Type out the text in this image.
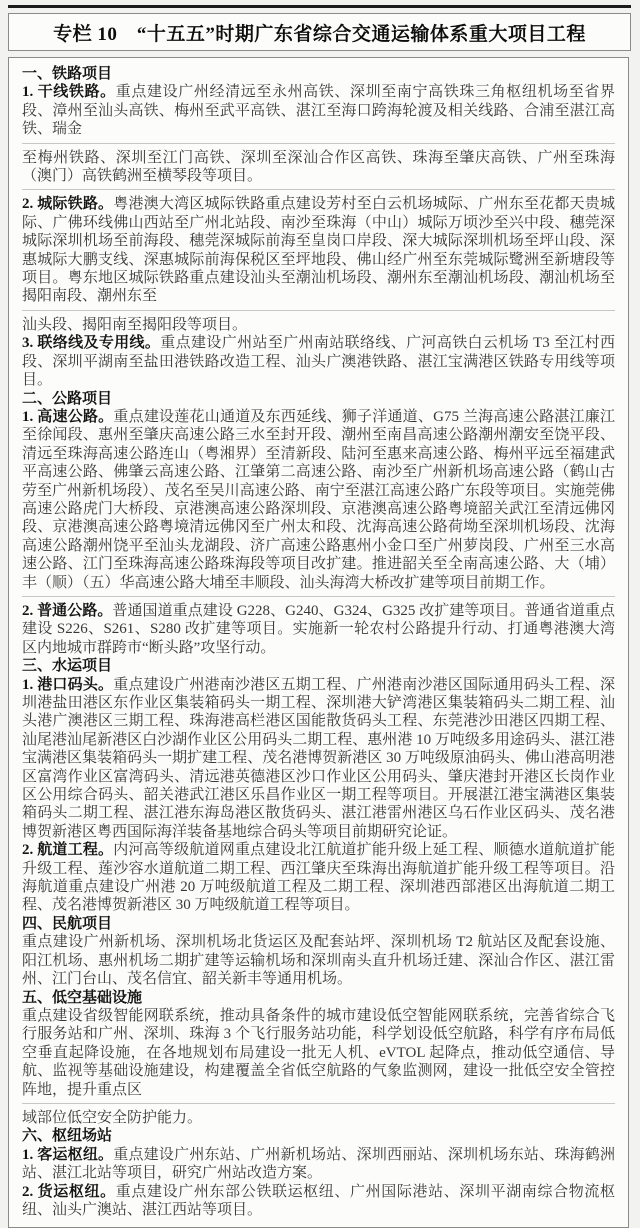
专栏 10　“十五五”时期广东省综合交通运输体系重大项目工程

一、铁路项目

1. 干线铁路。重点建设广州经清远至永州高铁、深圳至南宁高铁珠三角枢纽机场至省界段、漳州至汕头高铁、梅州至武平高铁、湛江至海口跨海轮渡及相关线路、合浦至湛江高铁、瑞金

至梅州铁路、深圳至江门高铁、深圳至深汕合作区高铁、珠海至肇庆高铁、广州至珠海（澳门）高铁鹤洲至横琴段等项目。

2. 城际铁路。粤港澳大湾区城际铁路重点建设芳村至白云机场城际、广州东至花都天贵城际、广佛环线佛山西站至广州北站段、南沙至珠海（中山）城际万顷沙至兴中段、穗莞深城际深圳机场至前海段、穗莞深城际前海至皇岗口岸段、深大城际深圳机场至坪山段、深惠城际大鹏支线、深惠城际前海保税区至坪地段、佛山经广州至东莞城际鹭洲至新塘段等项目。粤东地区城际铁路重点建设汕头至潮汕机场段、潮州东至潮汕机场段、潮汕机场至揭阳南段、潮州东至

汕头段、揭阳南至揭阳段等项目。

3. 联络线及专用线。重点建设广州站至广州南站联络线、广河高铁白云机场 T3 至江村西段、深圳平湖南至盐田港铁路改造工程、汕头广澳港铁路、湛江宝满港区铁路专用线等项目。

二、公路项目

1. 高速公路。重点建设莲花山通道及东西延线、狮子洋通道、G75 兰海高速公路湛江廉江至徐闻段、惠州至肇庆高速公路三水至封开段、潮州至南昌高速公路潮州潮安至饶平段、清远至珠海高速公路连山（粤湘界）至清新段、陆河至惠来高速公路、梅州平远至福建武平高速公路、佛肇云高速公路、江肇第二高速公路、南沙至广州新机场高速公路（鹤山古劳至广州新机场段）、茂名至吴川高速公路、南宁至湛江高速公路广东段等项目。实施莞佛高速公路虎门大桥段、京港澳高速公路深圳段、京港澳高速公路粤境韶关武江至清远佛冈段、京港澳高速公路粤境清远佛冈至广州太和段、沈海高速公路荷坳至深圳机场段、沈海高速公路潮州饶平至汕头龙湖段、济广高速公路惠州小金口至广州萝岗段、广州至三水高速公路、江门至珠海高速公路珠海段等项目改扩建。推进韶关至全南高速公路、大（埔）丰（顺）（五）华高速公路大埔至丰顺段、汕头海湾大桥改扩建等项目前期工作。

2. 普通公路。普通国道重点建设 G228、G240、G324、G325 改扩建等项目。普通省道重点建设 S226、S261、S280 改扩建等项目。实施新一轮农村公路提升行动、打通粤港澳大湾区内地城市群跨市“断头路”攻坚行动。

三、水运项目

1. 港口码头。重点建设广州港南沙港区五期工程、广州港南沙港区国际通用码头工程、深圳港盐田港区东作业区集装箱码头一期工程、深圳港大铲湾港区集装箱码头二期工程、汕头港广澳港区三期工程、珠海港高栏港区国能散货码头工程、东莞港沙田港区四期工程、汕尾港汕尾新港区白沙湖作业区公用码头二期工程、惠州港 10 万吨级多用途码头、湛江港宝满港区集装箱码头一期扩建工程、茂名港博贺新港区 30 万吨级原油码头、佛山港高明港区富湾作业区富湾码头、清远港英德港区沙口作业区公用码头、肇庆港封开港区长岗作业区公用综合码头、韶关港武江港区乐昌作业区一期工程等项目。开展湛江港宝满港区集装箱码头二期工程、湛江港东海岛港区散货码头、湛江港雷州港区乌石作业区码头、茂名港博贺新港区粤西国际海洋装备基地综合码头等项目前期研究论证。

2. 航道工程。内河高等级航道网重点建设北江航道扩能升级上延工程、顺德水道航道扩能升级工程、莲沙容水道航道二期工程、西江肇庆至珠海出海航道扩能升级工程等项目。沿海航道重点建设广州港 20 万吨级航道工程及二期工程、深圳港西部港区出海航道二期工程、茂名港博贺新港区 30 万吨级航道工程等项目。

四、民航项目

重点建设广州新机场、深圳机场北货运区及配套站坪、深圳机场 T2 航站区及配套设施、阳江机场、惠州机场二期扩建等运输机场和深圳南头直升机场迁建、深汕合作区、湛江雷州、江门台山、茂名信宜、韶关新丰等通用机场。

五、低空基础设施

重点建设省级智能网联系统，推动具备条件的城市建设低空智能网联系统，完善省综合飞行服务站和广州、深圳、珠海 3 个飞行服务站功能，科学划设低空航路，科学有序布局低空垂直起降设施，在各地规划布局建设一批无人机、eVTOL 起降点，推动低空通信、导航、监视等基础设施建设，构建覆盖全省低空航路的气象监测网，建设一批低空安全管控阵地，提升重点区

域部位低空安全防护能力。

六、枢纽场站

1. 客运枢纽。重点建设广州东站、广州新机场站、深圳西丽站、深圳机场东站、珠海鹤洲站、湛江北站等项目，研究广州站改造方案。

2. 货运枢纽。重点建设广州东部公铁联运枢纽、广州国际港站、深圳平湖南综合物流枢纽、汕头广澳站、湛江西站等项目。
